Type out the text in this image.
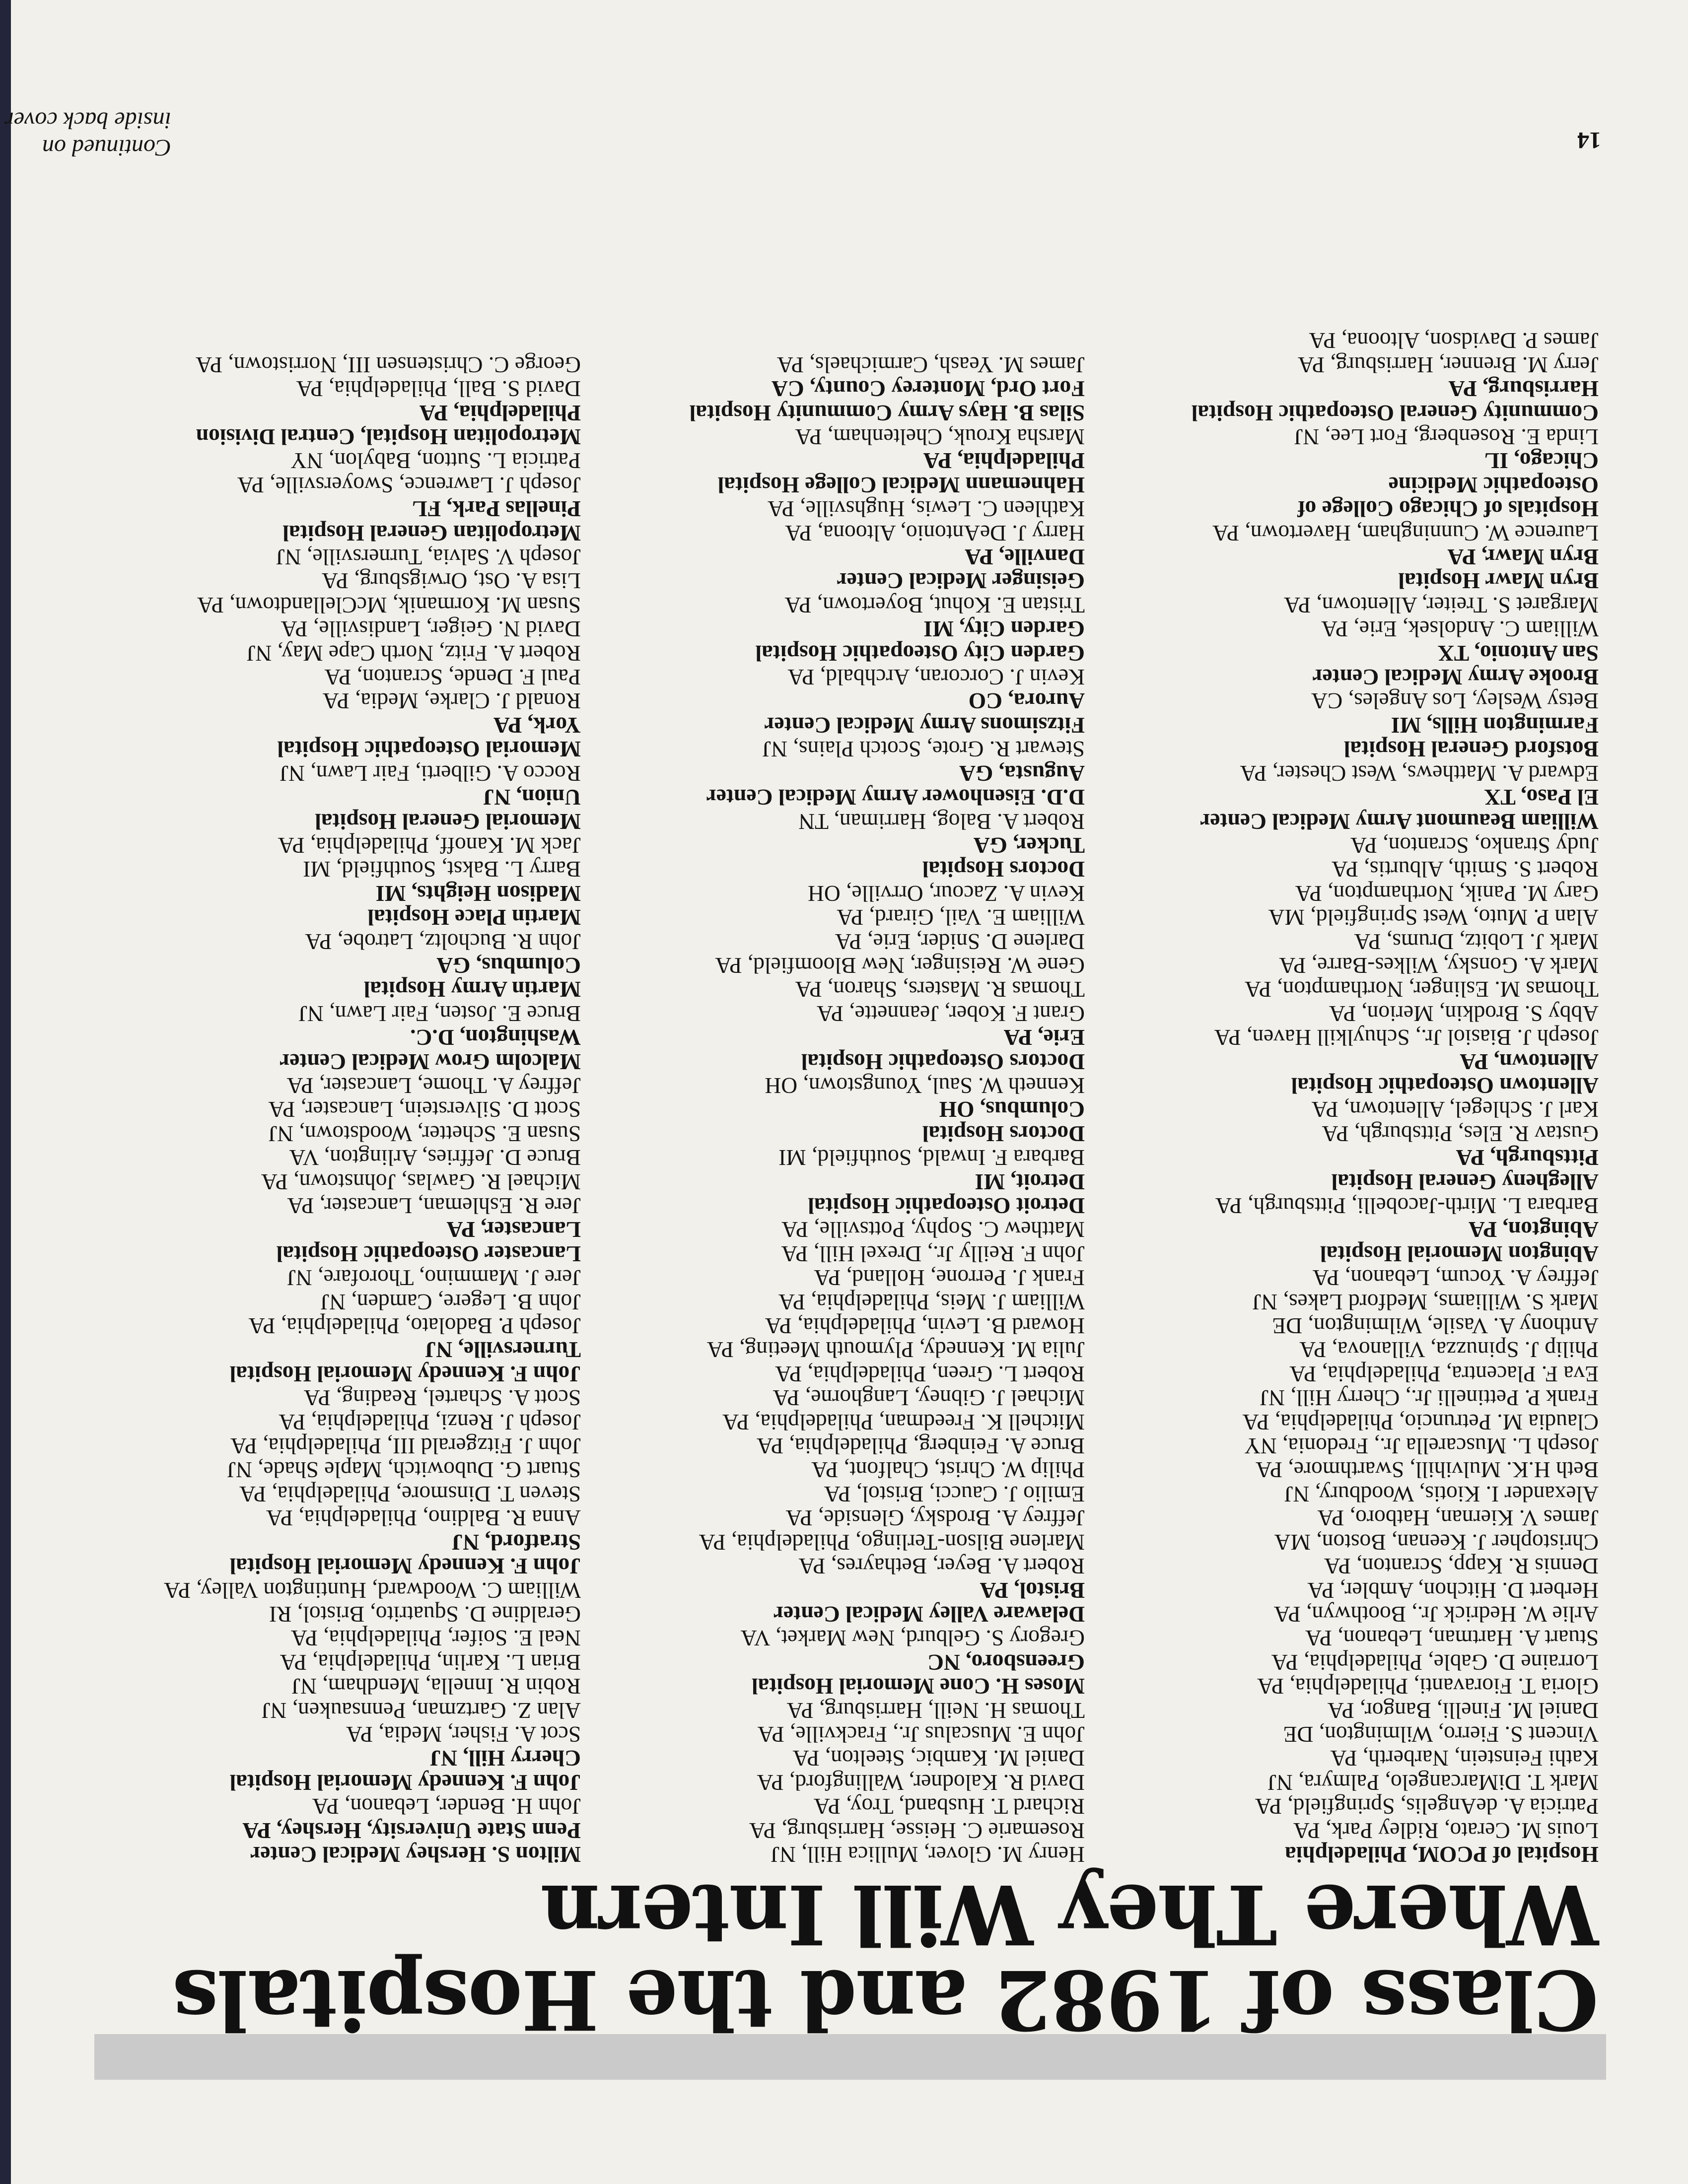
14
Continued on inside back cover
Class of 1982 and the Hospitals
Where They Will Intern
Hospital of PCOM, Philadelphia
Louis M. Cerato, Ridley Park, PA
Patricia A. deAngelis, Springfield, PA
Mark T. DiMarcangelo, Palmyra, NJ
Kathi Feinstein, Narberth, PA
Vincent S. Fierro, Wilmington, DE
Daniel M. Finelli, Bangor, PA
Gloria T. Fioravanti, Philadelphia, PA
Lorraine D. Gable, Philadelphia, PA
Stuart A. Hartman, Lebanon, PA
Arlie W. Hedrick Jr., Boothwyn, PA
Herbert D. Hitchon, Ambler, PA
Dennis R. Kapp, Scranton, PA
Christopher J. Keenan, Boston, MA
James V. Kiernan, Hatboro, PA
Alexander I. Kiotis, Woodbury, NJ
Beth H.K. Mulvihill, Swarthmore, PA
Joseph L. Muscarella Jr., Fredonia, NY
Claudia M. Petruncio, Philadelphia, PA
Frank P. Pettinelli Jr., Cherry Hill, NJ
Eva F. Placentra, Philadelphia, PA
Philip J. Spinuzza, Villanova, PA
Anthony A. Vasile, Wilmington, DE
Mark S. Williams, Medford Lakes, NJ
Jeffrey A. Yocum, Lebanon, PA
Abington Memorial Hospital
Abington, PA
Barbara L. Mirth-Jacobelli, Pittsburgh, PA
Allegheny General Hospital
Pittsburgh, PA
Gustav R. Eles, Pittsburgh, PA
Karl J. Schlegel, Allentown, PA
Allentown Osteopathic Hospital
Allentown, PA
Joseph J. Biasiol Jr., Schuylkill Haven, PA
Abby S. Brodkin, Merion, PA
Thomas M. Eslinger, Northampton, PA
Mark A. Gonsky, Wilkes-Barre, PA
Mark J. Lobitz, Drums, PA
Alan P. Muto, West Springfield, MA
Gary M. Panik, Northampton, PA
Robert S. Smith, Alburtis, PA
Judy Stranko, Scranton, PA
William Beaumont Army Medical Center
El Paso, TX
Edward A. Matthews, West Chester, PA
Botsford General Hospital
Farmington Hills, MI
Betsy Wesley, Los Angeles, CA
Brooke Army Medical Center
San Antonio, TX
William C. Andolsek, Erie, PA
Margaret S. Treiter, Allentown, PA
Bryn Mawr Hospital
Bryn Mawr, PA
Laurence W. Cunningham, Havertown, PA
Hospitals of Chicago College of
Osteopathic Medicine
Chicago, IL
Linda E. Rosenberg, Fort Lee, NJ
Community General Osteopathic Hospital
Harrisburg, PA
Jerry M. Brenner, Harrisburg, PA
James P. Davidson, Altoona, PA
Henry M. Glover, Mullica Hill, NJ
Rosemarie C. Heisse, Harrisburg, PA
Richard T. Husband, Troy, PA
David R. Kalodner, Wallingford, PA
Daniel M. Kambic, Steelton, PA
John E. Muscalus Jr., Frackville, PA
Thomas H. Neill, Harrisburg, PA
Moses H. Cone Memorial Hospital
Greensboro, NC
Gregory S. Gelburd, New Market, VA
Delaware Valley Medical Center
Bristol, PA
Robert A. Beyer, Bethayres, PA
Marlene Bilson-Terlingo, Philadelphia, PA
Jeffrey A. Brodsky, Glenside, PA
Emilio J. Caucci, Bristol, PA
Philip W. Christ, Chalfont, PA
Bruce A. Feinberg, Philadelphia, PA
Mitchell K. Freedman, Philadelphia, PA
Michael J. Gibney, Langhorne, PA
Robert L. Green, Philadelphia, PA
Julia M. Kennedy, Plymouth Meeting, PA
Howard B. Levin, Philadelphia, PA
William J. Meis, Philadelphia, PA
Frank J. Perrone, Holland, PA
John F. Reilly Jr., Drexel Hill, PA
Matthew C. Sophy, Pottsville, PA
Detroit Osteopathic Hospital
Detroit, MI
Barbara F. Inwald, Southfield, MI
Doctors Hospital
Columbus, OH
Kenneth W. Saul, Youngstown, OH
Doctors Osteopathic Hospital
Erie, PA
Grant F. Kober, Jeannette, PA
Thomas R. Masters, Sharon, PA
Gene W. Reisinger, New Bloomfield, PA
Darlene D. Snider, Erie, PA
William E. Vail, Girard, PA
Kevin A. Zacour, Orrville, OH
Doctors Hospital
Tucker, GA
Robert A. Balog, Harriman, TN
D.D. Eisenhower Army Medical Center
Augusta, GA
Stewart R. Grote, Scotch Plains, NJ
Fitzsimons Army Medical Center
Aurora, CO
Kevin J. Corcoran, Archbald, PA
Garden City Osteopathic Hospital
Garden City, MI
Tristan E. Kohut, Boyertown, PA
Geisinger Medical Center
Danville, PA
Harry J. DeAntonio, Altoona, PA
Kathleen C. Lewis, Hughsville, PA
Hahnemann Medical College Hospital
Philadelphia, PA
Marsha Krouk, Cheltenham, PA
Silas B. Hays Army Community Hospital
Fort Ord, Monterey County, CA
James M. Yeash, Carmichaels, PA
Milton S. Hershey Medical Center
Penn State University, Hershey, PA
John H. Bender, Lebanon, PA
John F. Kennedy Memorial Hospital
Cherry Hill, NJ
Scot A. Fisher, Media, PA
Alan Z. Gartzman, Pennsauken, NJ
Robin R. Innella, Mendham, NJ
Brian L. Karlin, Philadelphia, PA
Neal E. Soifer, Philadelphia, PA
Geraldine D. Squatrito, Bristol, RI
William C. Woodward, Huntington Valley, PA
John F. Kennedy Memorial Hospital
Stratford, NJ
Anna R. Baldino, Philadelphia, PA
Steven T. Dinsmore, Philadelphia, PA
Stuart G. Dubowitch, Maple Shade, NJ
John J. Fitzgerald III, Philadelphia, PA
Joseph J. Renzi, Philadelphia, PA
Scott A. Schartel, Reading, PA
John F. Kennedy Memorial Hospital
Turnersville, NJ
Joseph P. Badolato, Philadelphia, PA
John B. Legere, Camden, NJ
Jere J. Mammino, Thorofare, NJ
Lancaster Osteopathic Hospital
Lancaster, PA
Jere R. Eshleman, Lancaster, PA
Michael R. Gawlas, Johnstown, PA
Bruce D. Jeffries, Arlington, VA
Susan E. Schetter, Woodstown, NJ
Scott D. Silverstein, Lancaster, PA
Jeffrey A. Thome, Lancaster, PA
Malcolm Grow Medical Center
Washington, D.C.
Bruce E. Josten, Fair Lawn, NJ
Martin Army Hospital
Columbus, GA
John R. Bucholtz, Latrobe, PA
Martin Place Hospital
Madison Heights, MI
Barry L. Bakst, Southfield, MI
Jack M. Kanoff, Philadelphia, PA
Memorial General Hospital
Union, NJ
Rocco A. Gilberti, Fair Lawn, NJ
Memorial Osteopathic Hospital
York, PA
Ronald J. Clarke, Media, PA
Paul F. Dende, Scranton, PA
Robert A. Fritz, North Cape May, NJ
David N. Geiger, Landisville, PA
Susan M. Kormanik, McClellandtown, PA
Lisa A. Ost, Orwigsburg, PA
Joseph V. Salvia, Turnersville, NJ
Metropolitan General Hospital
Pinellas Park, FL
Joseph J. Lawrence, Swoyersville, PA
Patricia L. Sutton, Babylon, NY
Metropolitan Hospital, Central Division
Philadelphia, PA
David S. Ball, Philadelphia, PA
George C. Christensen III, Norristown, PA
